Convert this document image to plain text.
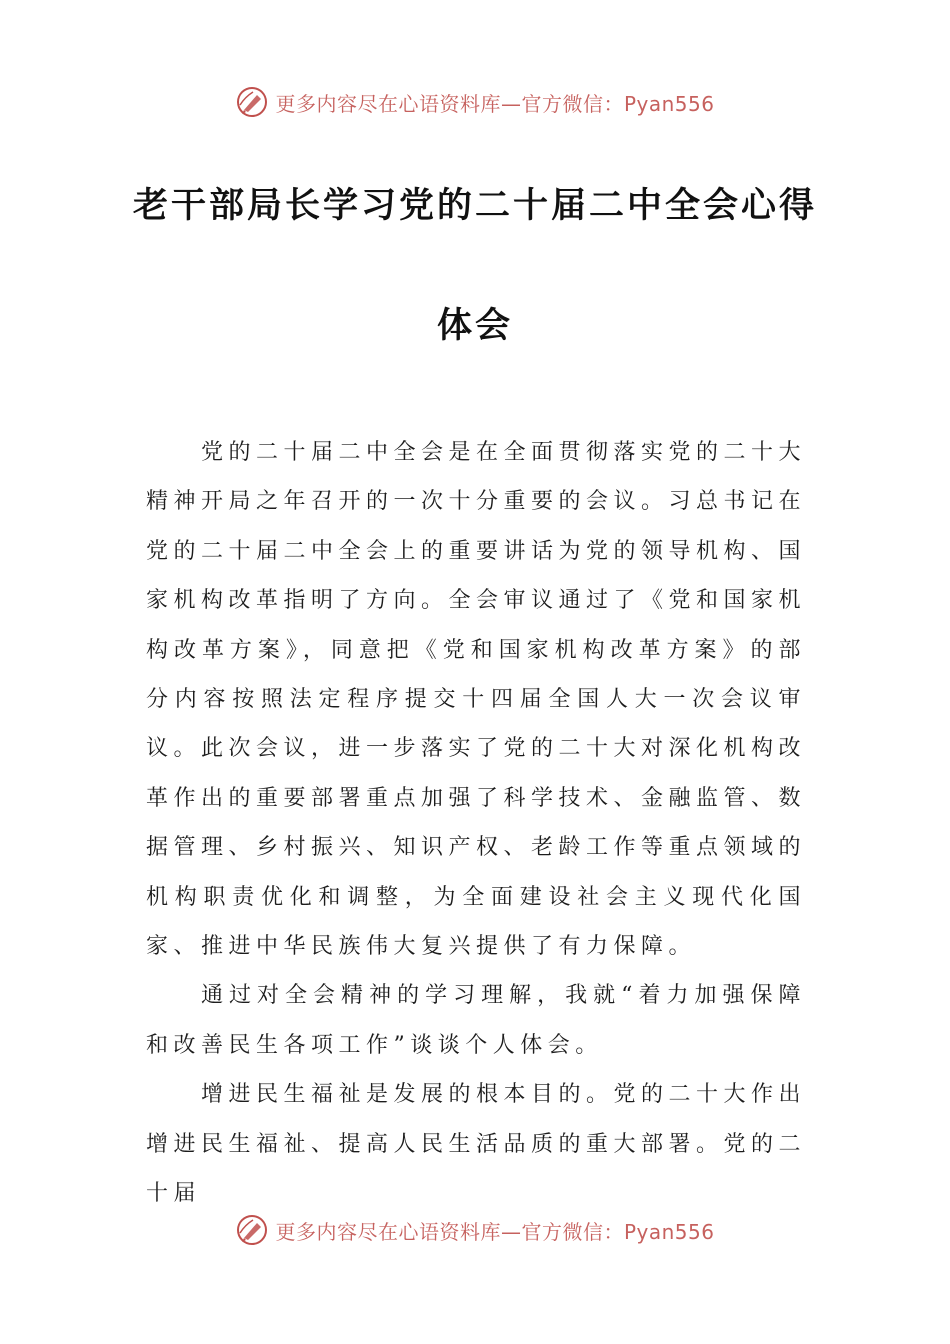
更多内容尽在心语资料库—官方微信：Pyan556
老干部局长学习党的二十届二中全会心得
体会

党的二十届二中全会是在全面贯彻落实党的二十大精神开局之年召开的一次十分重要的会议。习总书记在党的二十届二中全会上的重要讲话为党的领导机构、国家机构改革指明了方向。全会审议通过了《党和国家机构改革方案》，同意把《党和国家机构改革方案》的部分内容按照法定程序提交十四届全国人大一次会议审议。此次会议，进一步落实了党的二十大对深化机构改革作出的重要部署重点加强了科学技术、金融监管、数据管理、乡村振兴、知识产权、老龄工作等重点领域的机构职责优化和调整，为全面建设社会主义现代化国家、推进中华民族伟大复兴提供了有力保障。

通过对全会精神的学习理解，我就“着力加强保障和改善民生各项工作”谈谈个人体会。

增进民生福祉是发展的根本目的。党的二十大作出增进民生福祉、提高人民生活品质的重大部署。党的二十届

更多内容尽在心语资料库—官方微信：Pyan556
